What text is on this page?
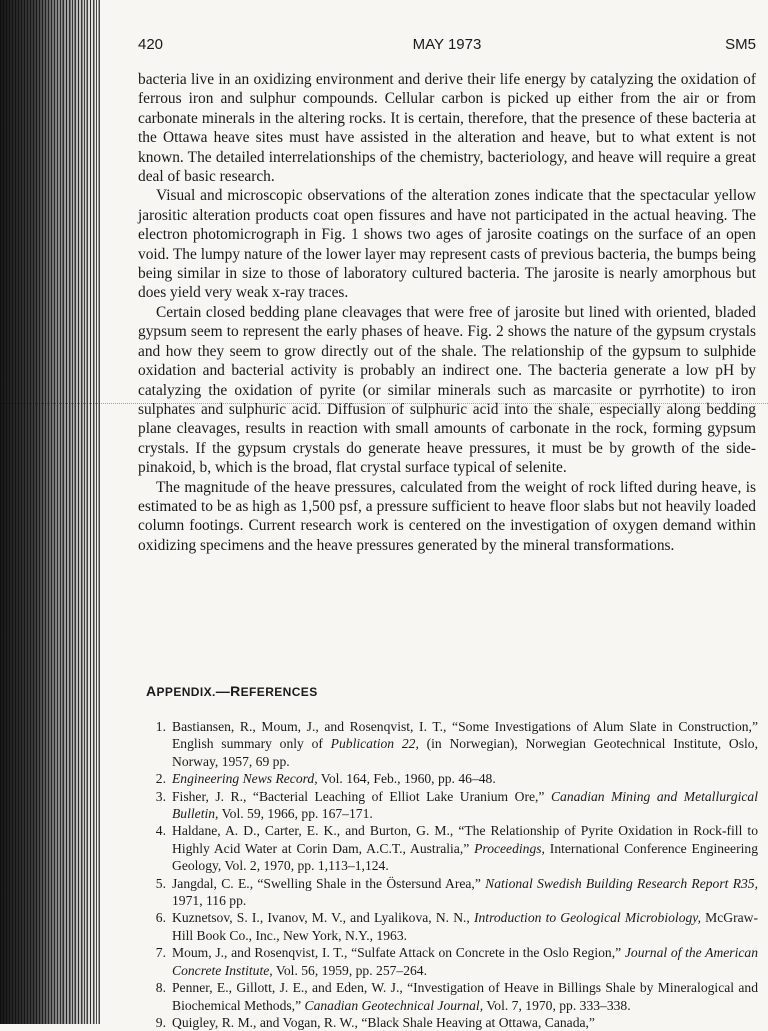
420	MAY 1973	SM5

bacteria live in an oxidizing environment and derive their life energy by catalyzing the oxidation of ferrous iron and sulphur compounds. Cellular carbon is picked up either from the air or from carbonate minerals in the altering rocks. It is certain, therefore, that the presence of these bacteria at the Ottawa heave sites must have assisted in the alteration and heave, but to what extent is not known. The detailed interrelationships of the chemistry, bacteriology, and heave will require a great deal of basic research.

Visual and microscopic observations of the alteration zones indicate that the spectacular yellow jarositic alteration products coat open fissures and have not participated in the actual heaving. The electron photomicrograph in Fig. 1 shows two ages of jarosite coatings on the surface of an open void. The lumpy nature of the lower layer may represent casts of previous bacteria, the bumps being being similar in size to those of laboratory cultured bacteria. The jarosite is nearly amorphous but does yield very weak x-ray traces.

Certain closed bedding plane cleavages that were free of jarosite but lined with oriented, bladed gypsum seem to represent the early phases of heave. Fig. 2 shows the nature of the gypsum crystals and how they seem to grow directly out of the shale. The relationship of the gypsum to sulphide oxidation and bacterial activity is probably an indirect one. The bacteria generate a low pH by catalyzing the oxidation of pyrite (or similar minerals such as marcasite or pyrrhotite) to iron sulphates and sulphuric acid. Diffusion of sulphuric acid into the shale, especially along bedding plane cleavages, results in reaction with small amounts of carbonate in the rock, forming gypsum crystals. If the gypsum crystals do generate heave pressures, it must be by growth of the side-pinakoid, b, which is the broad, flat crystal surface typical of selenite.

The magnitude of the heave pressures, calculated from the weight of rock lifted during heave, is estimated to be as high as 1,500 psf, a pressure sufficient to heave floor slabs but not heavily loaded column footings. Current research work is centered on the investigation of oxygen demand within oxidizing specimens and the heave pressures generated by the mineral transformations.

APPENDIX.—REFERENCES
1. Bastiansen, R., Moum, J., and Rosenqvist, I. T., “Some Investigations of Alum Slate in Construction,” English summary only of Publication 22, (in Norwegian), Norwegian Geotechnical Institute, Oslo, Norway, 1957, 69 pp.
2. Engineering News Record, Vol. 164, Feb., 1960, pp. 46–48.
3. Fisher, J. R., “Bacterial Leaching of Elliot Lake Uranium Ore,” Canadian Mining and Metallurgical Bulletin, Vol. 59, 1966, pp. 167–171.
4. Haldane, A. D., Carter, E. K., and Burton, G. M., “The Relationship of Pyrite Oxidation in Rock-fill to Highly Acid Water at Corin Dam, A.C.T., Australia,” Proceedings, International Conference Engineering Geology, Vol. 2, 1970, pp. 1,113–1,124.
5. Jangdal, C. E., “Swelling Shale in the Östersund Area,” National Swedish Building Research Report R35, 1971, 116 pp.
6. Kuznetsov, S. I., Ivanov, M. V., and Lyalikova, N. N., Introduction to Geological Microbiology, McGraw-Hill Book Co., Inc., New York, N.Y., 1963.
7. Moum, J., and Rosenqvist, I. T., “Sulfate Attack on Concrete in the Oslo Region,” Journal of the American Concrete Institute, Vol. 56, 1959, pp. 257–264.
8. Penner, E., Gillott, J. E., and Eden, W. J., “Investigation of Heave in Billings Shale by Mineralogical and Biochemical Methods,” Canadian Geotechnical Journal, Vol. 7, 1970, pp. 333–338.
9. Quigley, R. M., and Vogan, R. W., “Black Shale Heaving at Ottawa, Canada,”
